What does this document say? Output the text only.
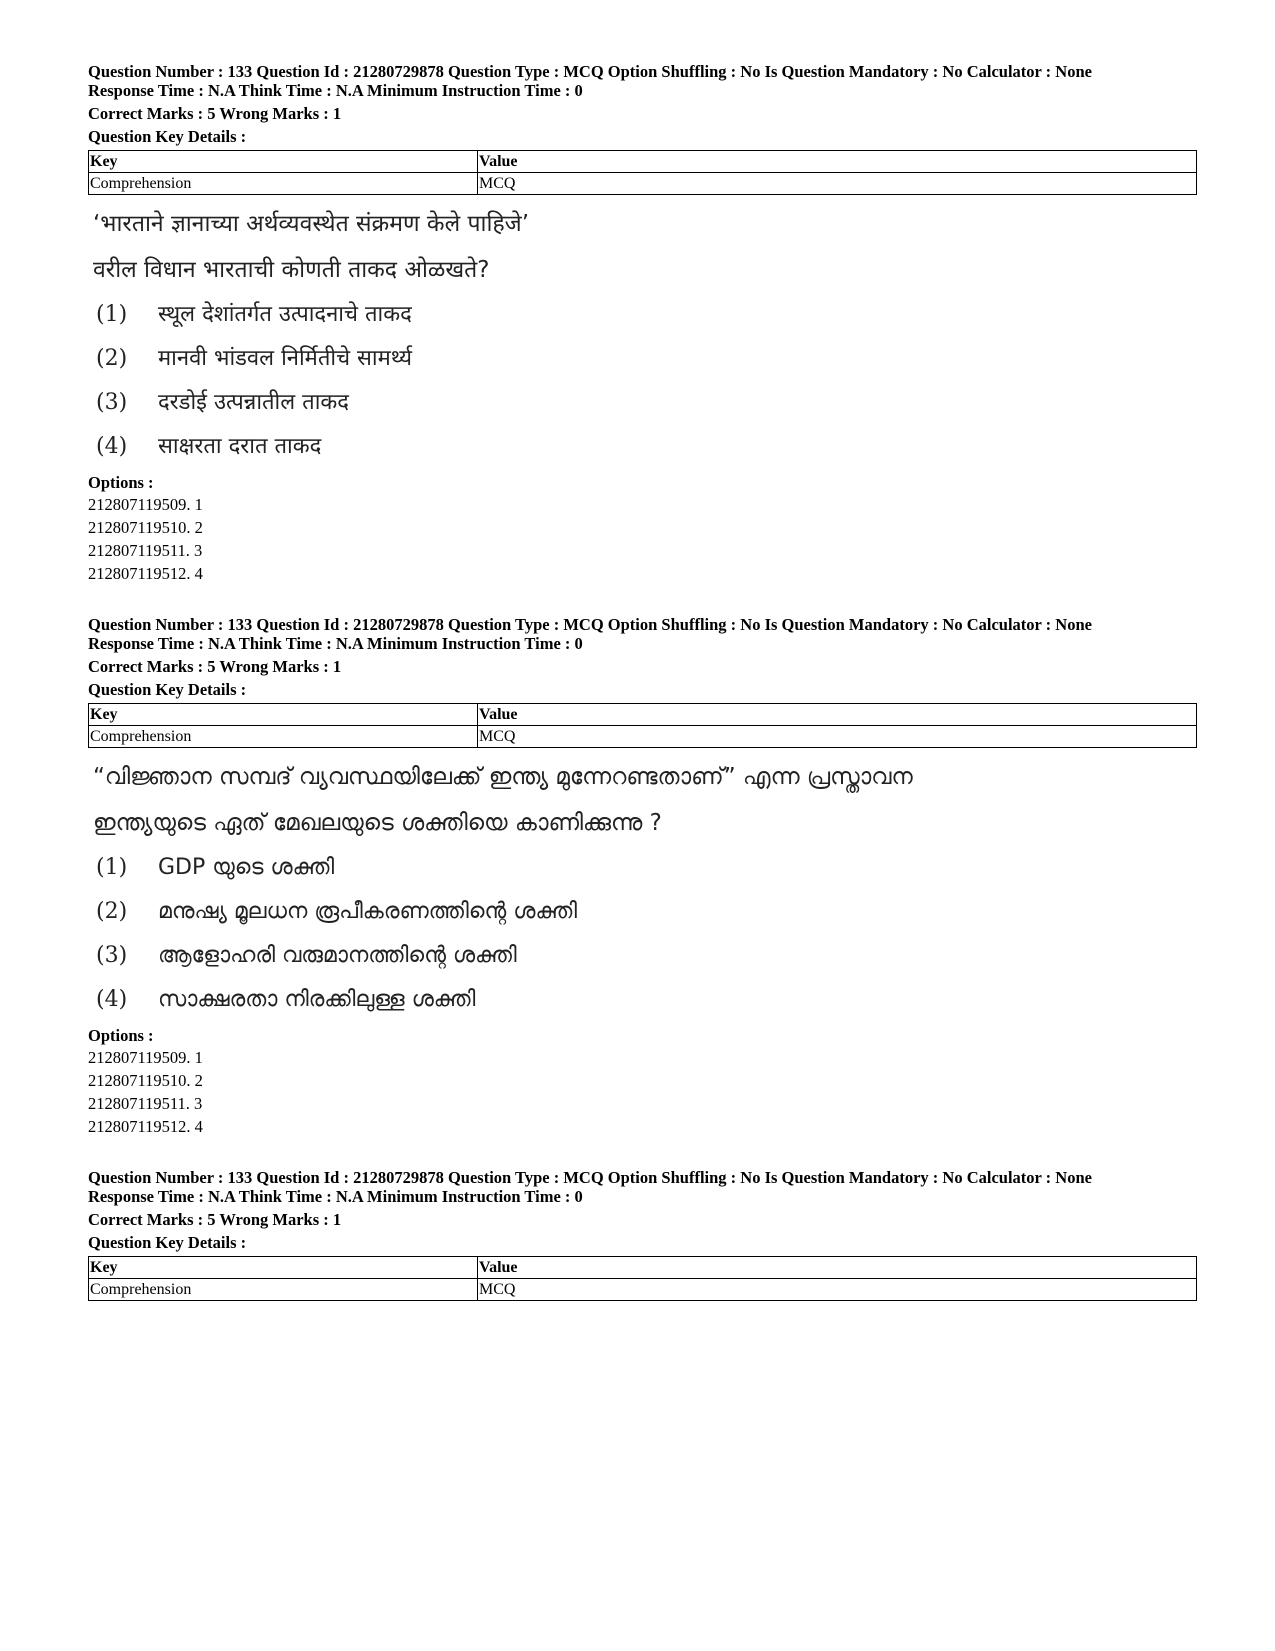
Question Number : 133 Question Id : 21280729878 Question Type : MCQ Option Shuffling : No Is Question Mandatory : No Calculator : None
Response Time : N.A Think Time : N.A Minimum Instruction Time : 0
Correct Marks : 5 Wrong Marks : 1
Question Key Details :
Key	Value
Comprehension	MCQ
‘भारताने ज्ञानाच्या अर्थव्यवस्थेत संक्रमण केले पाहिजे’
वरील विधान भारताची कोणती ताकद ओळखते?
(1) स्थूल देशांतर्गत उत्पादनाचे ताकद
(2) मानवी भांडवल निर्मितीचे सामर्थ्य
(3) दरडोई उत्पन्नातील ताकद
(4) साक्षरता दरात ताकद
Options :
212807119509. 1
212807119510. 2
212807119511. 3
212807119512. 4
Question Number : 133 Question Id : 21280729878 Question Type : MCQ Option Shuffling : No Is Question Mandatory : No Calculator : None
Response Time : N.A Think Time : N.A Minimum Instruction Time : 0
Correct Marks : 5 Wrong Marks : 1
Question Key Details :
Key	Value
Comprehension	MCQ
“വിജ്ഞാന സമ്പദ് വ്യവസ്ഥയിലേക്ക് ഇന്ത്യ മുന്നേറണ്ടതാണ്” എന്ന പ്രസ്താവന
ഇന്ത്യയുടെ ഏത് മേഖലയുടെ ശക്തിയെ കാണിക്കുന്നു ?
(1) GDP യുടെ ശക്തി
(2) മനുഷ്യ മൂലധന രൂപീകരണത്തിന്റെ ശക്തി
(3) ആളോഹരി വരുമാനത്തിന്റെ ശക്തി
(4) സാക്ഷരതാ നിരക്കിലുള്ള ശക്തി
Options :
212807119509. 1
212807119510. 2
212807119511. 3
212807119512. 4
Question Number : 133 Question Id : 21280729878 Question Type : MCQ Option Shuffling : No Is Question Mandatory : No Calculator : None
Response Time : N.A Think Time : N.A Minimum Instruction Time : 0
Correct Marks : 5 Wrong Marks : 1
Question Key Details :
Key	Value
Comprehension	MCQ
